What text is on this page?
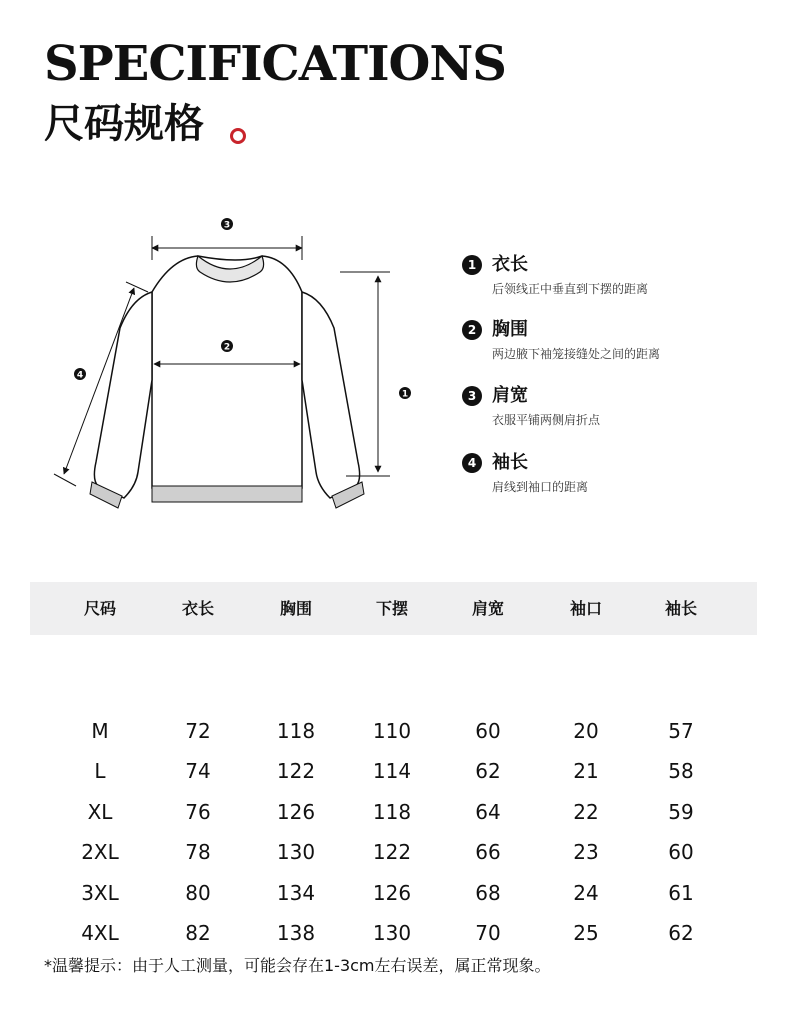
SPECIFICATIONS
尺码规格
3
2
1
4
1 衣长
后领线正中垂直到下摆的距离
2 胸围
两边腋下袖笼接缝处之间的距离
3 肩宽
衣服平铺两侧肩折点
4 袖长
肩线到袖口的距离
尺码	衣长	胸围	下摆	肩宽	袖口	袖长
M	72	118	110	60	20	57
L	74	122	114	62	21	58
XL	76	126	118	64	22	59
2XL	78	130	122	66	23	60
3XL	80	134	126	68	24	61
4XL	82	138	130	70	25	62
*温馨提示：由于人工测量，可能会存在1-3cm左右误差，属正常现象。
